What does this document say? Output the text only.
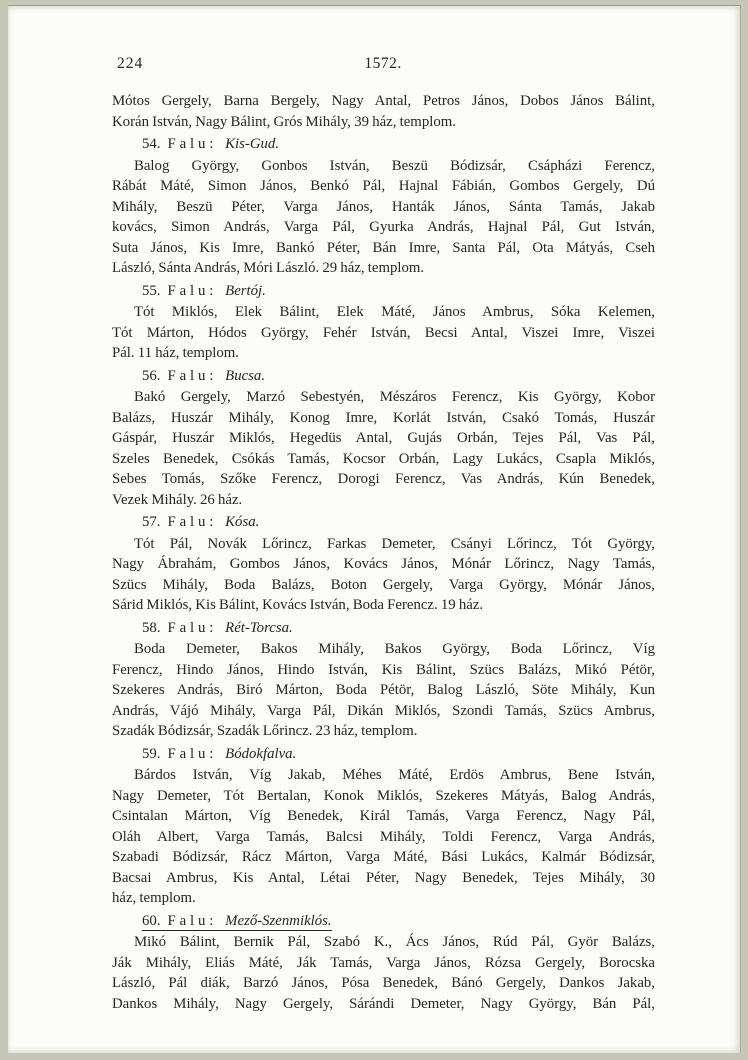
224	1572.
Mótos Gergely, Barna Bergely, Nagy Antal, Petros János, Dobos János Bálint,
Korán István, Nagy Bálint, Grós Mihály, 39 ház, templom.
54. Falu: Kis-Gud.
Balog György, Gonbos István, Beszü Bódizsár, Csápházi Ferencz,
Rábát Máté, Simon János, Benkó Pál, Hajnal Fábián, Gombos Gergely, Dú
Mihály, Beszü Péter, Varga János, Hanták János, Sánta Tamás, Jakab
kovács, Simon András, Varga Pál, Gyurka András, Hajnal Pál, Gut István,
Suta János, Kis Imre, Bankó Péter, Bán Imre, Santa Pál, Ota Mátyás, Cseh
László, Sánta András, Móri László. 29 ház, templom.
55. Falu: Bertój.
Tót Miklós, Elek Bálint, Elek Máté, János Ambrus, Sóka Kelemen,
Tót Márton, Hódos György, Fehér István, Becsi Antal, Viszei Imre, Viszei
Pál. 11 ház, templom.
56. Falu: Bucsa.
Bakó Gergely, Marzó Sebestyén, Mészáros Ferencz, Kis György, Kobor
Balázs, Huszár Mihály, Konog Imre, Korlát István, Csakó Tomás, Huszár
Gáspár, Huszár Miklós, Hegedüs Antal, Gujás Orbán, Tejes Pál, Vas Pál,
Szeles Benedek, Csókás Tamás, Kocsor Orbán, Lagy Lukács, Csapla Miklós,
Sebes Tomás, Szőke Ferencz, Dorogi Ferencz, Vas András, Kún Benedek,
Vezek Mihály. 26 ház.
57. Falu: Kósa.
Tót Pál, Novák Lőrincz, Farkas Demeter, Csányi Lőrincz, Tót György,
Nagy Ábrahám, Gombos János, Kovács János, Mónár Lőrincz, Nagy Tamás,
Szücs Mihály, Boda Balázs, Boton Gergely, Varga György, Mónár János,
Sárid Miklós, Kis Bálint, Kovács István, Boda Ferencz. 19 ház.
58. Falu: Rét-Torcsa.
Boda Demeter, Bakos Mihály, Bakos György, Boda Lőrincz, Víg
Ferencz, Hindo János, Hindo István, Kis Bálint, Szücs Balázs, Mikó Pétör,
Szekeres András, Biró Márton, Boda Pétör, Balog László, Söte Mihály, Kun
András, Vájó Mihály, Varga Pál, Dikán Miklós, Szondi Tamás, Szücs Ambrus,
Szadák Bódizsár, Szadák Lőrincz. 23 ház, templom.
59. Falu: Bódokfalva.
Bárdos István, Víg Jakab, Méhes Máté, Erdös Ambrus, Bene István,
Nagy Demeter, Tót Bertalan, Konok Miklós, Szekeres Mátyás, Balog András,
Csintalan Márton, Víg Benedek, Királ Tamás, Varga Ferencz, Nagy Pál,
Oláh Albert, Varga Tamás, Balcsi Mihály, Toldi Ferencz, Varga András,
Szabadi Bódizsár, Rácz Márton, Varga Máté, Bási Lukács, Kalmár Bódizsár,
Bacsai Ambrus, Kis Antal, Létai Péter, Nagy Benedek, Tejes Mihály, 30
ház, templom.
60. Falu: Mező-Szenmiklós.
Mikó Bálint, Bernik Pál, Szabó K., Ács János, Rúd Pál, Györ Balázs,
Ják Mihály, Eliás Máté, Ják Tamás, Varga János, Rózsa Gergely, Borocska
László, Pál diák, Barzó János, Pósa Benedek, Bánó Gergely, Dankos Jakab,
Dankos Mihály, Nagy Gergely, Sárándi Demeter, Nagy György, Bán Pál,
